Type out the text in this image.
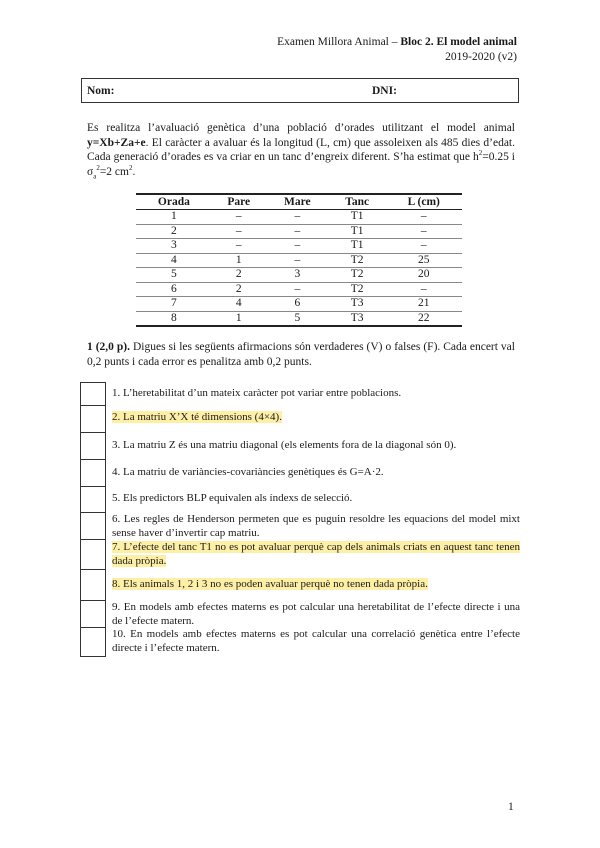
Examen Millora Animal – Bloc 2. El model animal
2019-2020 (v2)
Nom:	DNI:
Es realitza l’avaluació genètica d’una població d’orades utilitzant el model animal y=Xb+Za+e. El caràcter a avaluar és la longitud (L, cm) que assoleixen als 485 dies d’edat. Cada generació d’orades es va criar en un tanc d’engreix diferent. S’ha estimat que $h^2=0.25$ i $\sigma_a^2=2$ $cm^2$.
Orada	Pare	Mare	Tanc	L (cm)
1	–	–	T1	–
2	–	–	T1	–
3	–	–	T1	–
4	1	–	T2	25
5	2	3	T2	20
6	2	–	T2	–
7	4	6	T3	21
8	1	5	T3	22
1 (2,0 p). Digues si les següents afirmacions són verdaderes (V) o falses (F). Cada encert val 0,2 punts i cada error es penalitza amb 0,2 punts.
1. L’heretabilitat d’un mateix caràcter pot variar entre poblacions.
2. La matriu X’X té dimensions (4×4).
3. La matriu Z és una matriu diagonal (els elements fora de la diagonal són 0).
4. La matriu de variàncies-covariàncies genètiques és G=A·2.
5. Els predictors BLP equivalen als índexs de selecció.
6. Les regles de Henderson permeten que es puguin resoldre les equacions del model mixt sense haver d’invertir cap matriu.
7. L’efecte del tanc T1 no es pot avaluar perquè cap dels animals criats en aquest tanc tenen dada pròpia.
8. Els animals 1, 2 i 3 no es poden avaluar perquè no tenen dada pròpia.
9. En models amb efectes materns es pot calcular una heretabilitat de l’efecte directe i una de l’efecte matern.
10. En models amb efectes materns es pot calcular una correlació genètica entre l’efecte directe i l’efecte matern.
1
